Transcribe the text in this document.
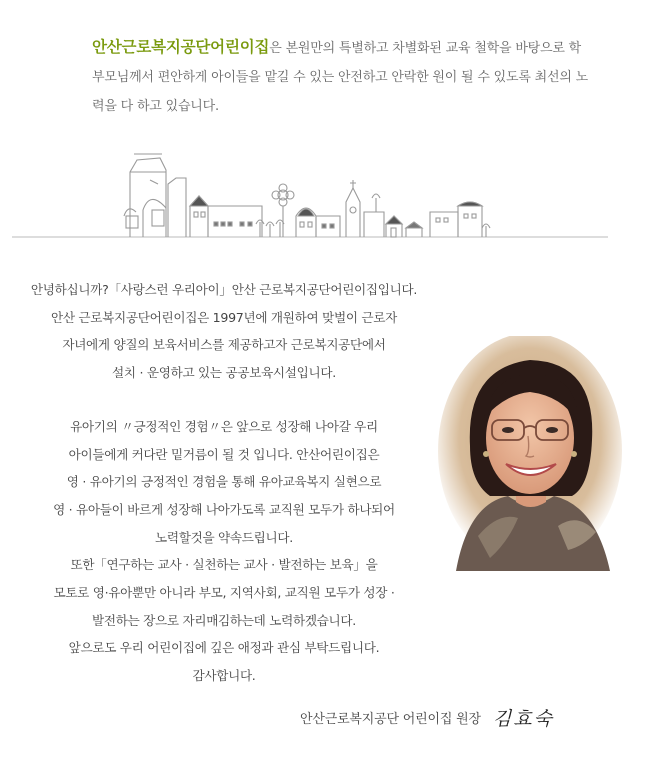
안산근로복지공단어린이집은 본원만의 특별하고 차별화된 교육 철학을 바탕으로 학부모님께서 편안하게 아이들을 맡길 수 있는 안전하고 안락한 원이 될 수 있도록 최선의 노력을 다 하고 있습니다.

안녕하십니까?「사랑스런 우리아이」안산 근로복지공단어린이집입니다.

안산 근로복지공단어린이집은 1997년에 개원하여 맞벌이 근로자

자녀에게 양질의 보육서비스를 제공하고자 근로복지공단에서

설치 · 운영하고 있는 공공보육시설입니다.

유아기의 〃긍정적인 경험〃은 앞으로 성장해 나아갈 우리

아이들에게 커다란 밑거름이 될 것 입니다. 안산어린이집은

영 · 유아기의 긍정적인 경험을 통해 유아교육복지 실현으로

영 · 유아들이 바르게 성장해 나아가도록 교직원 모두가 하나되어

노력할것을 약속드립니다.

또한「연구하는 교사 · 실천하는 교사 · 발전하는 보육」을

모토로 영·유아뿐만 아니라 부모, 지역사회, 교직원 모두가 성장 ·

발전하는 장으로 자리매김하는데 노력하겠습니다.

앞으로도 우리 어린이집에 깊은 애정과 관심 부탁드립니다.

감사합니다.

안산근로복지공단 어린이집 원장 김효숙
